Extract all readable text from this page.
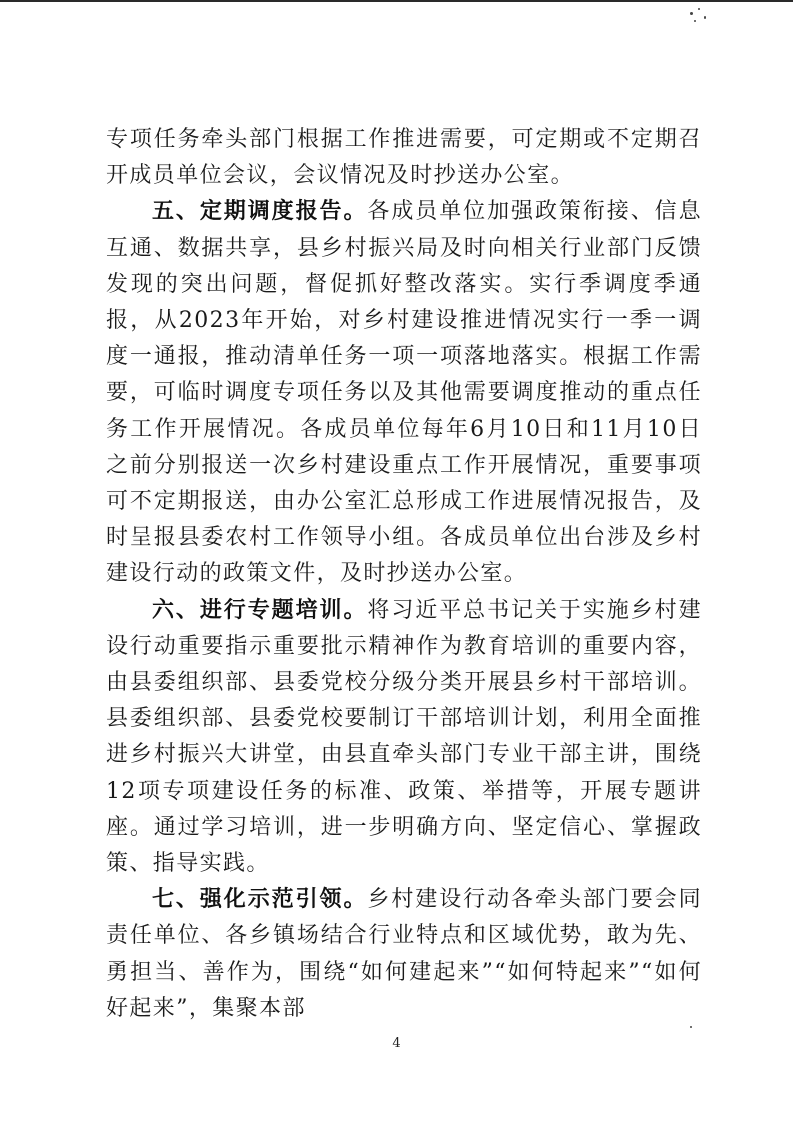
专项任务牵头部门根据工作推进需要，可定期或不定期召开成员单位会议，会议情况及时抄送办公室。

五、定期调度报告。各成员单位加强政策衔接、信息互通、数据共享，县乡村振兴局及时向相关行业部门反馈发现的突出问题，督促抓好整改落实。实行季调度季通报，从2023年开始，对乡村建设推进情况实行一季一调度一通报，推动清单任务一项一项落地落实。根据工作需要，可临时调度专项任务以及其他需要调度推动的重点任务工作开展情况。各成员单位每年6月10日和11月10日之前分别报送一次乡村建设重点工作开展情况，重要事项可不定期报送，由办公室汇总形成工作进展情况报告，及时呈报县委农村工作领导小组。各成员单位出台涉及乡村建设行动的政策文件，及时抄送办公室。

六、进行专题培训。将习近平总书记关于实施乡村建设行动重要指示重要批示精神作为教育培训的重要内容，由县委组织部、县委党校分级分类开展县乡村干部培训。县委组织部、县委党校要制订干部培训计划，利用全面推进乡村振兴大讲堂，由县直牵头部门专业干部主讲，围绕12项专项建设任务的标准、政策、举措等，开展专题讲座。通过学习培训，进一步明确方向、坚定信心、掌握政策、指导实践。

七、强化示范引领。乡村建设行动各牵头部门要会同责任单位、各乡镇场结合行业特点和区域优势，敢为先、勇担当、善作为，围绕“如何建起来”“如何特起来”“如何好起来”，集聚本部

4
